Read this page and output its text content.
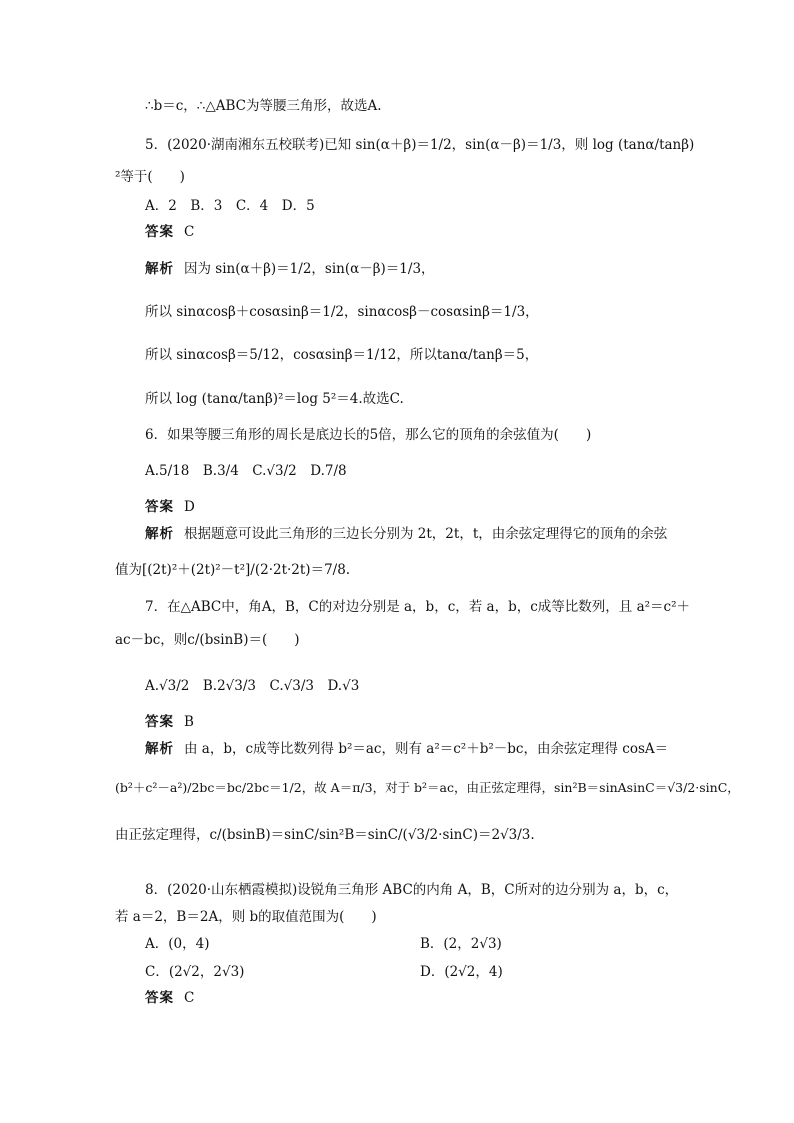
∴b＝c，∴△ABC为等腰三角形，故选A.
5．(2020·湖南湘东五校联考)已知 sin(α＋β)＝1/2，sin(α－β)＝1/3，则 log (tanα/tanβ)
²等于(　　)
A．2　B．3　C．4　D．5
答案 C
解析 因为 sin(α＋β)＝1/2，sin(α－β)＝1/3，
所以 sinαcosβ＋cosαsinβ＝1/2，sinαcosβ－cosαsinβ＝1/3，
所以 sinαcosβ＝5/12，cosαsinβ＝1/12，所以tanα/tanβ＝5，
所以 log (tanα/tanβ)²＝log 5²＝4.故选C.
6．如果等腰三角形的周长是底边长的5倍，那么它的顶角的余弦值为(　　)
A.5/18　B.3/4　C.√3/2　D.7/8
答案 D
解析 根据题意可设此三角形的三边长分别为 2t，2t，t，由余弦定理得它的顶角的余弦
值为[(2t)²＋(2t)²－t²]/(2·2t·2t)＝7/8.
7．在△ABC中，角A，B，C的对边分别是 a，b，c，若 a，b，c成等比数列，且 a²＝c²＋
ac－bc，则c/(bsinB)＝(　　)
A.√3/2　B.2√3/3　C.√3/3　D.√3
答案 B
解析 由 a，b，c成等比数列得 b²＝ac，则有 a²＝c²＋b²－bc，由余弦定理得 cosA＝
(b²＋c²－a²)/2bc＝bc/2bc＝1/2，故 A＝π/3，对于 b²＝ac，由正弦定理得，sin²B＝sinAsinC＝√3/2·sinC，
由正弦定理得，c/(bsinB)＝sinC/sin²B＝sinC/(√3/2·sinC)＝2√3/3.
8．(2020·山东栖霞模拟)设锐角三角形 ABC的内角 A，B，C所对的边分别为 a，b，c，
若 a＝2，B＝2A，则 b的取值范围为(　　)
A．(0，4)	B．(2，2√3)
C．(2√2，2√3)	D．(2√2，4)
答案 C
